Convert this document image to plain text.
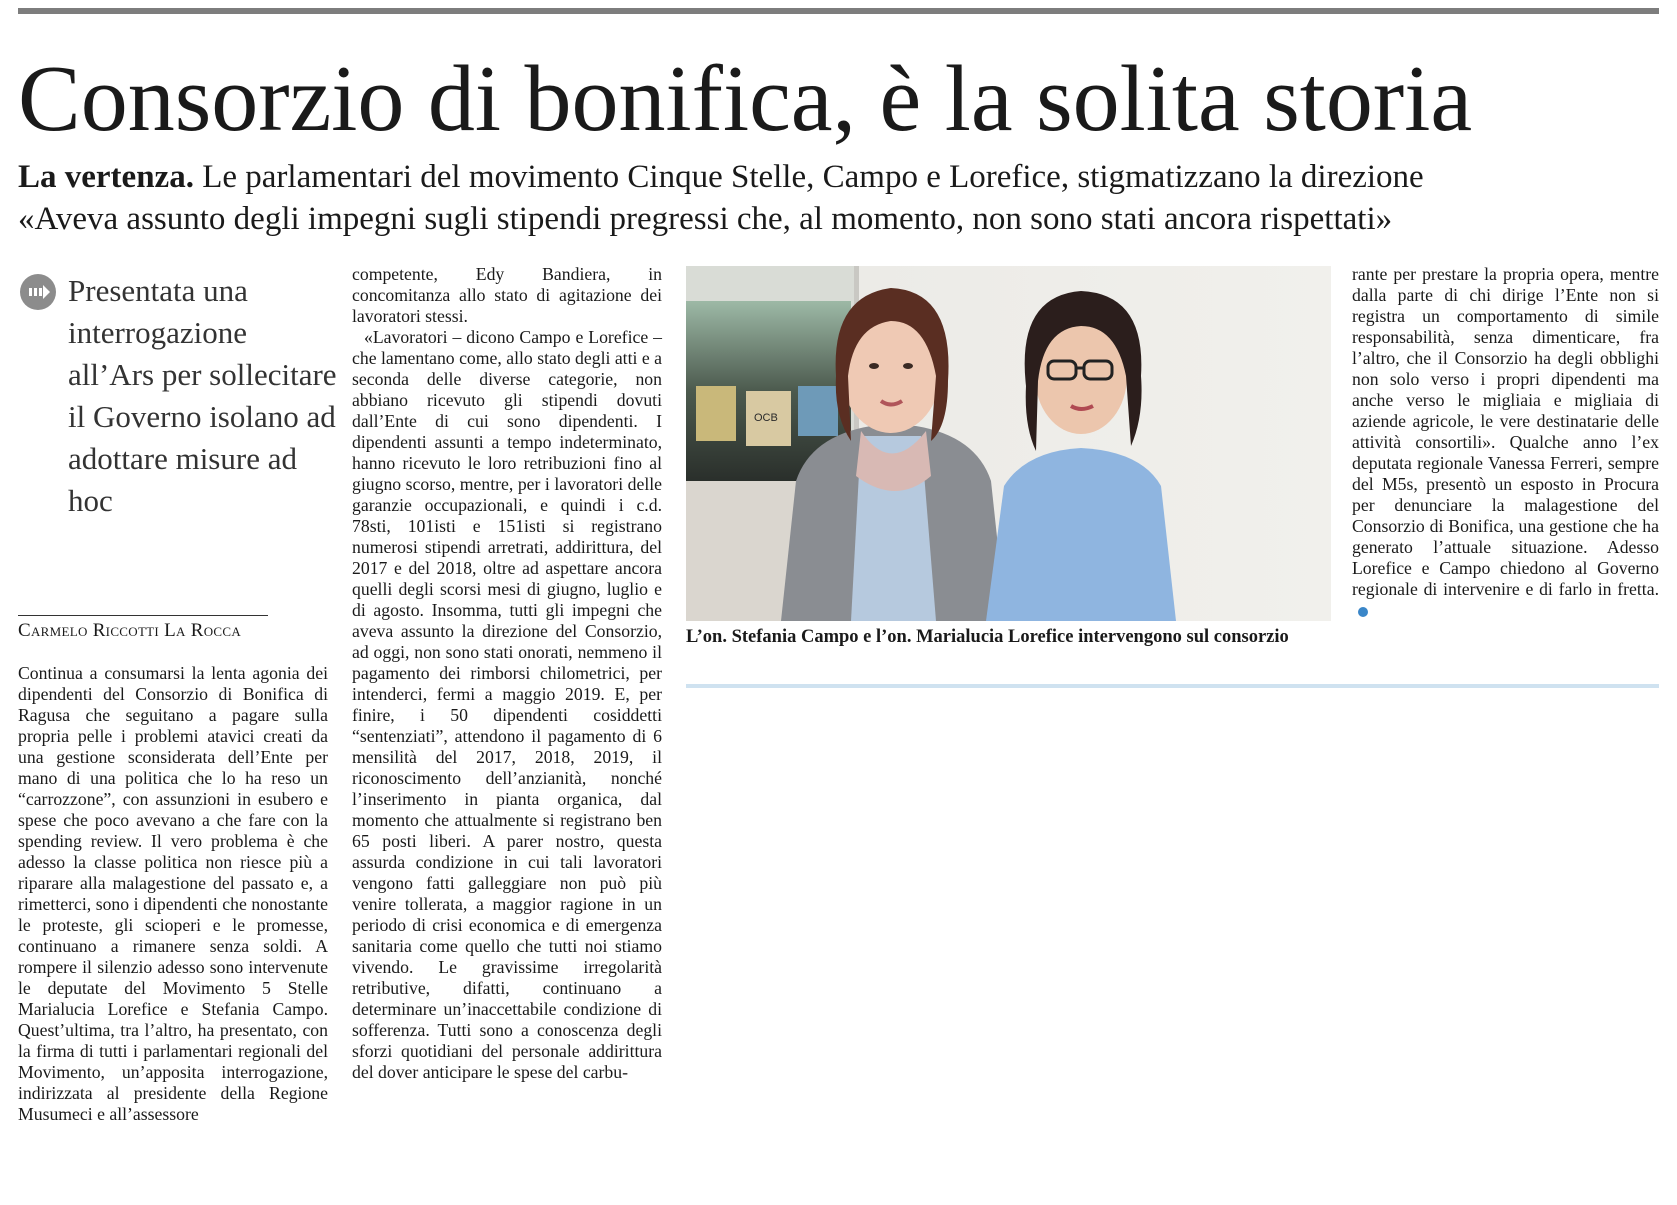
Consorzio di bonifica, è la solita storia
La vertenza. Le parlamentari del movimento Cinque Stelle, Campo e Lorefice, stigmatizzano la direzione
«Aveva assunto degli impegni sugli stipendi pregressi che, al momento, non sono stati ancora rispettati»

Presentata una interrogazione all’Ars per sollecitare il Governo isolano ad adottare misure ad hoc

Carmelo Riccotti La Rocca

Continua a consumarsi la lenta agonia dei dipendenti del Consorzio di Bonifica di Ragusa che seguitano a pagare sulla propria pelle i problemi atavici creati da una gestione sconsiderata dell’Ente per mano di una politica che lo ha reso un “carrozzone”, con assunzioni in esubero e spese che poco avevano a che fare con la spending review. Il vero problema è che adesso la classe politica non riesce più a riparare alla malagestione del passato e, a rimetterci, sono i dipendenti che nonostante le proteste, gli scioperi e le promesse, continuano a rimanere senza soldi. A rompere il silenzio adesso sono intervenute le deputate del Movimento 5 Stelle Marialucia Lorefice e Stefania Campo. Quest’ultima, tra l’altro, ha presentato, con la firma di tutti i parlamentari regionali del Movimento, un’apposita interrogazione, indirizzata al presidente della Regione Musumeci e all’assessore

competente, Edy Bandiera, in concomitanza allo stato di agitazione dei lavoratori stessi.

«Lavoratori – dicono Campo e Lorefice – che lamentano come, allo stato degli atti e a seconda delle diverse categorie, non abbiano ricevuto gli stipendi dovuti dall’Ente di cui sono dipendenti. I dipendenti assunti a tempo indeterminato, hanno ricevuto le loro retribuzioni fino al giugno scorso, mentre, per i lavoratori delle garanzie occupazionali, e quindi i c.d. 78sti, 101isti e 151isti si registrano numerosi stipendi arretrati, addirittura, del 2017 e del 2018, oltre ad aspettare ancora quelli degli scorsi mesi di giugno, luglio e di agosto. Insomma, tutti gli impegni che aveva assunto la direzione del Consorzio, ad oggi, non sono stati onorati, nemmeno il pagamento dei rimborsi chilometrici, per intenderci, fermi a maggio 2019. E, per finire, i 50 dipendenti cosiddetti “sentenziati”, attendono il pagamento di 6 mensilità del 2017, 2018, 2019, il riconoscimento dell’anzianità, nonché l’inserimento in pianta organica, dal momento che attualmente si registrano ben 65 posti liberi. A parer nostro, questa assurda condizione in cui tali lavoratori vengono fatti galleggiare non può più venire tollerata, a maggior ragione in un periodo di crisi economica e di emergenza sanitaria come quello che tutti noi stiamo vivendo. Le gravissime irregolarità retributive, difatti, continuano a determinare un’inaccettabile condizione di sofferenza. Tutti sono a conoscenza degli sforzi quotidiani del personale addirittura del dover anticipare le spese del carbu-

OCB

L’on. Stefania Campo e l’on. Marialucia Lorefice intervengono sul consorzio

rante per prestare la propria opera, mentre dalla parte di chi dirige l’Ente non si registra un comportamento di simile responsabilità, senza dimenticare, fra l’altro, che il Consorzio ha degli obblighi non solo verso i propri dipendenti ma anche verso le migliaia e migliaia di aziende agricole, le vere destinatarie delle attività consortili». Qualche anno l’ex deputata regionale Vanessa Ferreri, sempre del M5s, presentò un esposto in Procura per denunciare la malagestione del Consorzio di Bonifica, una gestione che ha generato l’attuale situazione. Adesso Lorefice e Campo chiedono al Governo regionale di intervenire e di farlo in fretta.
